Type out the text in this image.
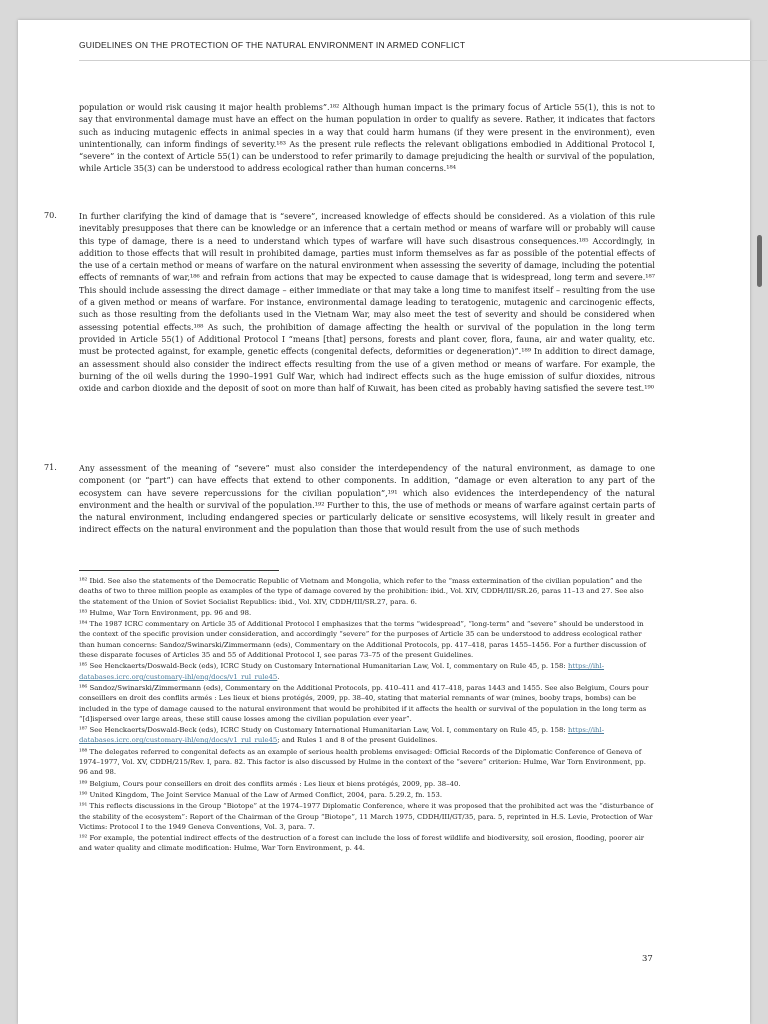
GUIDELINES ON THE PROTECTION OF THE NATURAL ENVIRONMENT IN ARMED CONFLICT
population or would risk causing it major health problems”.¹⁸² Although human impact is the primary focus of Article 55(1), this is not to say that environmental damage must have an effect on the human population in order to qualify as severe. Rather, it indicates that factors such as inducing mutagenic effects in animal species in a way that could harm humans (if they were present in the environment), even unintentionally, can inform findings of severity.¹⁸³ As the present rule reflects the relevant obligations embodied in Additional Protocol I, “severe” in the context of Article 55(1) can be understood to refer primarily to damage prejudicing the health or survival of the population, while Article 35(3) can be understood to address ecological rather than human concerns.¹⁸⁴
70.	In further clarifying the kind of damage that is “severe”, increased knowledge of effects should be considered. As a violation of this rule inevitably presupposes that there can be knowledge or an inference that a certain method or means of warfare will or probably will cause this type of damage, there is a need to understand which types of warfare will have such disastrous consequences.¹⁸⁵ Accordingly, in addition to those effects that will result in prohibited damage, parties must inform themselves as far as possible of the potential effects of the use of a certain method or means of warfare on the natural environment when assessing the severity of damage, including the potential effects of remnants of war,¹⁸⁶ and refrain from actions that may be expected to cause damage that is widespread, long term and severe.¹⁸⁷ This should include assessing the direct damage – either immediate or that may take a long time to manifest itself – resulting from the use of a given method or means of warfare. For instance, environmental damage leading to teratogenic, mutagenic and carcinogenic effects, such as those resulting from the defoliants used in the Vietnam War, may also meet the test of severity and should be considered when assessing potential effects.¹⁸⁸ As such, the prohibition of damage affecting the health or survival of the population in the long term provided in Article 55(1) of Additional Protocol I “means [that] persons, forests and plant cover, flora, fauna, air and water quality, etc. must be protected against, for example, genetic effects (congenital defects, deformities or degeneration)”.¹⁸⁹ In addition to direct damage, an assessment should also consider the indirect effects resulting from the use of a given method or means of warfare. For example, the burning of the oil wells during the 1990–1991 Gulf War, which had indirect effects such as the huge emission of sulfur dioxides, nitrous oxide and carbon dioxide and the deposit of soot on more than half of Kuwait, has been cited as probably having satisfied the severe test.¹⁹⁰
71.	Any assessment of the meaning of “severe” must also consider the interdependency of the natural environment, as damage to one component (or “part”) can have effects that extend to other components. In addition, “damage or even alteration to any part of the ecosystem can have severe repercussions for the civilian population”,¹⁹¹ which also evidences the interdependency of the natural environment and the health or survival of the population.¹⁹² Further to this, the use of methods or means of warfare against certain parts of the natural environment, including endangered species or particularly delicate or sensitive ecosystems, will likely result in greater and indirect effects on the natural environment and the population than those that would result from the use of such methods

¹⁸² Ibid. See also the statements of the Democratic Republic of Vietnam and Mongolia, which refer to the “mass extermination of the civilian population” and the deaths of two to three million people as examples of the type of damage covered by the prohibition: ibid., Vol. XIV, CDDH/III/SR.26, paras 11–13 and 27. See also the statement of the Union of Soviet Socialist Republics: ibid., Vol. XIV, CDDH/III/SR.27, para. 6.

¹⁸³ Hulme, War Torn Environment, pp. 96 and 98.

¹⁸⁴ The 1987 ICRC commentary on Article 35 of Additional Protocol I emphasizes that the terms “widespread”, “long-term” and “severe” should be understood in the context of the specific provision under consideration, and accordingly “severe” for the purposes of Article 35 can be understood to address ecological rather than human concerns: Sandoz/Swinarski/Zimmermann (eds), Commentary on the Additional Protocols, pp. 417–418, paras 1455–1456. For a further discussion of these disparate focuses of Articles 35 and 55 of Additional Protocol I, see paras 73–75 of the present Guidelines.

¹⁸⁵ See Henckaerts/Doswald-Beck (eds), ICRC Study on Customary International Humanitarian Law, Vol. I, commentary on Rule 45, p. 158: https://ihl-databases.icrc.org/customary-ihl/eng/docs/v1_rul_rule45.

¹⁸⁶ Sandoz/Swinarski/Zimmermann (eds), Commentary on the Additional Protocols, pp. 410–411 and 417–418, paras 1443 and 1455. See also Belgium, Cours pour conseillers en droit des conflits armés : Les lieux et biens protégés, 2009, pp. 38–40, stating that material remnants of war (mines, booby traps, bombs) can be included in the type of damage caused to the natural environment that would be prohibited if it affects the health or survival of the population in the long term as “[d]ispersed over large areas, these still cause losses among the civilian population ever year”.

¹⁸⁷ See Henckaerts/Doswald-Beck (eds), ICRC Study on Customary International Humanitarian Law, Vol. I, commentary on Rule 45, p. 158: https://ihl-databases.icrc.org/customary-ihl/eng/docs/v1_rul_rule45; and Rules 1 and 8 of the present Guidelines.

¹⁸⁸ The delegates referred to congenital defects as an example of serious health problems envisaged: Official Records of the Diplomatic Conference of Geneva of 1974–1977, Vol. XV, CDDH/215/Rev. I, para. 82. This factor is also discussed by Hulme in the context of the “severe” criterion: Hulme, War Torn Environment, pp. 96 and 98.

¹⁸⁹ Belgium, Cours pour conseillers en droit des conflits armés : Les lieux et biens protégés, 2009, pp. 38–40.

¹⁹⁰ United Kingdom, The Joint Service Manual of the Law of Armed Conflict, 2004, para. 5.29.2, fn. 153.

¹⁹¹ This reflects discussions in the Group “Biotope” at the 1974–1977 Diplomatic Conference, where it was proposed that the prohibited act was the “disturbance of the stability of the ecosystem”: Report of the Chairman of the Group “Biotope”, 11 March 1975, CDDH/III/GT/35, para. 5, reprinted in H.S. Levie, Protection of War Victims: Protocol I to the 1949 Geneva Conventions, Vol. 3, para. 7.

¹⁹² For example, the potential indirect effects of the destruction of a forest can include the loss of forest wildlife and biodiversity, soil erosion, flooding, poorer air and water quality and climate modification: Hulme, War Torn Environment, p. 44.

37
